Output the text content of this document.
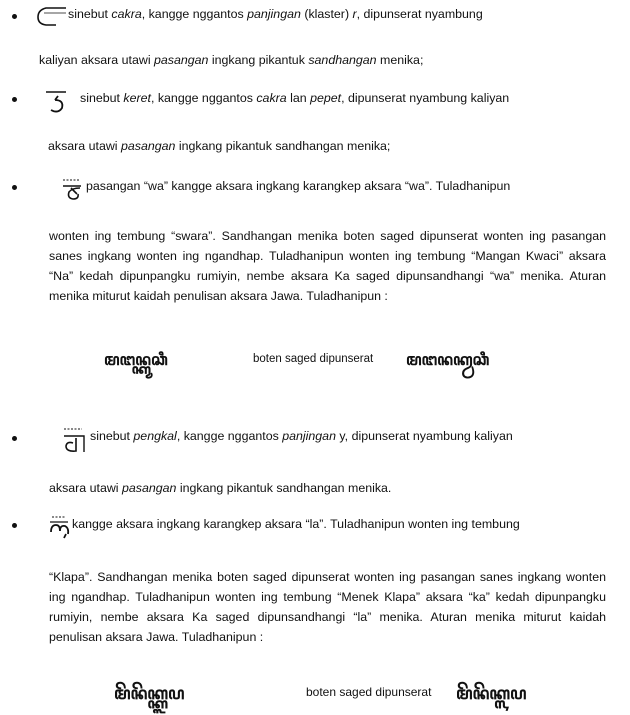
sinebut cakra, kangge nggantos panjingan (klaster) r, dipunserat nyambung
kaliyan aksara utawi pasangan ingkang pikantuk sandhangan menika;
sinebut keret, kangge nggantos cakra lan pepet, dipunserat nyambung kaliyan
aksara utawi pasangan ingkang pikantuk sandhangan menika;
pasangan “wa” kangge aksara ingkang karangkep aksara “wa”. Tuladhanipun
wonten ing tembung “swara”. Sandhangan menika boten saged dipunserat wonten ing pasangan sanes ingkang wonten ing ngandhap. Tuladhanipun wonten ing tembung “Mangan Kwaci” aksara “Na” kedah dipunpangku rumiyin, nembe aksara Ka saged dipunsandhangi “wa” menika. Aturan menika miturut kaidah penulisan aksara Jawa. Tuladhanipun :
ꦩꦔꦤ꧀ꦏ꧀ꦮꦕꦶ	boten saged dipunserat ꦩꦔꦤꦏ꧀ꦮꦕꦶ
sinebut pengkal, kangge nggantos panjingan y, dipunserat nyambung kaliyan
aksara utawi pasangan ingkang pikantuk sandhangan menika.
kangge aksara ingkang karangkep aksara “la”. Tuladhanipun wonten ing tembung
“Klapa”. Sandhangan menika boten saged dipunserat wonten ing pasangan sanes ingkang wonten ing ngandhap. Tuladhanipun wonten ing tembung “Menek Klapa” aksara “ka” kedah dipunpangku rumiyin, nembe aksara Ka saged dipunsandhangi “la” menika. Aturan menika miturut kaidah penulisan aksara Jawa. Tuladhanipun :
ꦩꦼꦤꦼꦏ꧀ꦏ꧀ꦭꦥ	boten saged dipunserat ꦩꦼꦤꦼꦏ꧀ꦭꦥ
